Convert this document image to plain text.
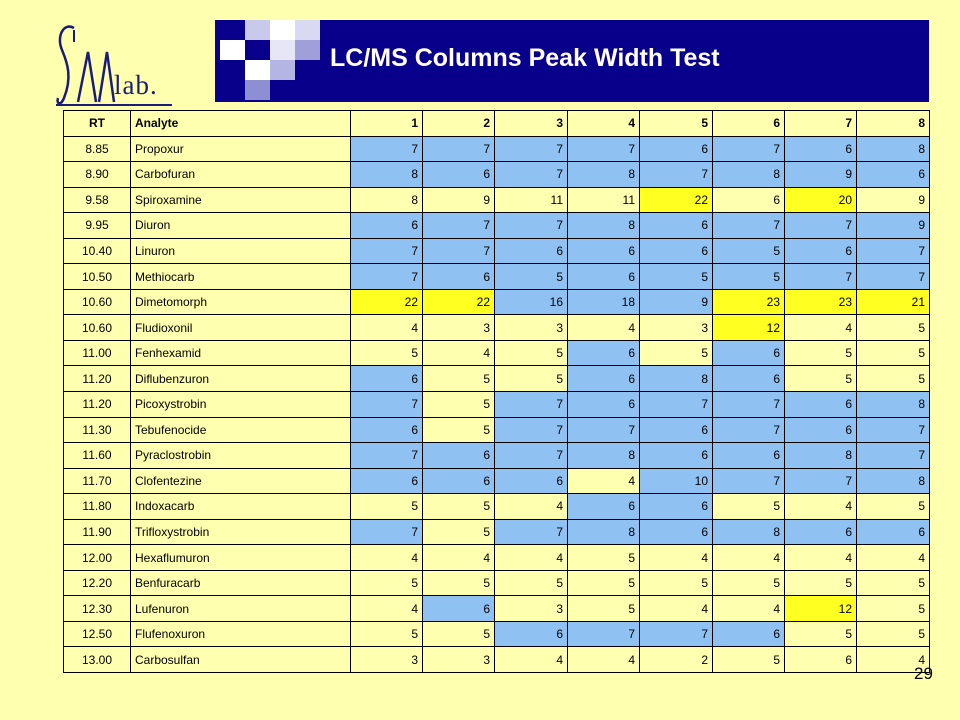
lab.
LC/MS Columns Peak Width Test
RT	Analyte	1	2	3	4	5	6	7	8
8.85	Propoxur	7	7	7	7	6	7	6	8
8.90	Carbofuran	8	6	7	8	7	8	9	6
9.58	Spiroxamine	8	9	11	11	22	6	20	9
9.95	Diuron	6	7	7	8	6	7	7	9
10.40	Linuron	7	7	6	6	6	5	6	7
10.50	Methiocarb	7	6	5	6	5	5	7	7
10.60	Dimetomorph	22	22	16	18	9	23	23	21
10.60	Fludioxonil	4	3	3	4	3	12	4	5
11.00	Fenhexamid	5	4	5	6	5	6	5	5
11.20	Diflubenzuron	6	5	5	6	8	6	5	5
11.20	Picoxystrobin	7	5	7	6	7	7	6	8
11.30	Tebufenocide	6	5	7	7	6	7	6	7
11.60	Pyraclostrobin	7	6	7	8	6	6	8	7
11.70	Clofentezine	6	6	6	4	10	7	7	8
11.80	Indoxacarb	5	5	4	6	6	5	4	5
11.90	Trifloxystrobin	7	5	7	8	6	8	6	6
12.00	Hexaflumuron	4	4	4	5	4	4	4	4
12.20	Benfuracarb	5	5	5	5	5	5	5	5
12.30	Lufenuron	4	6	3	5	4	4	12	5
12.50	Flufenoxuron	5	5	6	7	7	6	5	5
13.00	Carbosulfan	3	3	4	4	2	5	6	4
29
